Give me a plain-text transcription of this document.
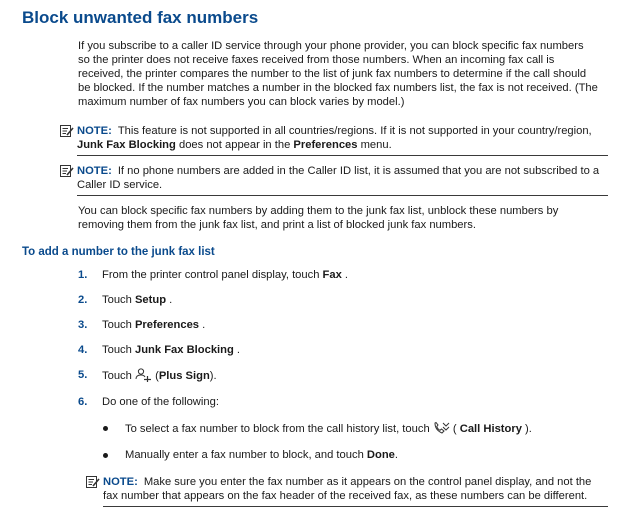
Block unwanted fax numbers
If you subscribe to a caller ID service through your phone provider, you can block specific fax numbers so the printer does not receive faxes received from those numbers. When an incoming fax call is received, the printer compares the number to the list of junk fax numbers to determine if the call should be blocked. If the number matches a number in the blocked fax numbers list, the fax is not received. (The maximum number of fax numbers you can block varies by model.)
NOTE: This feature is not supported in all countries/regions. If it is not supported in your country/region,
Junk Fax Blocking does not appear in the Preferences menu.
NOTE: If no phone numbers are added in the Caller ID list, it is assumed that you are not subscribed to a Caller ID service.
You can block specific fax numbers by adding them to the junk fax list, unblock these numbers by removing them from the junk fax list, and print a list of blocked junk fax numbers.
To add a number to the junk fax list
1.	From the printer control panel display, touch Fax .
2.	Touch Setup .
3.	Touch Preferences .
4.	Touch Junk Fax Blocking .
5.	Touch  (Plus Sign).
6.	Do one of the following:
To select a fax number to block from the call history list, touch  ( Call History ).
Manually enter a fax number to block, and touch Done.
NOTE: Make sure you enter the fax number as it appears on the control panel display, and not the fax number that appears on the fax header of the received fax, as these numbers can be different.
